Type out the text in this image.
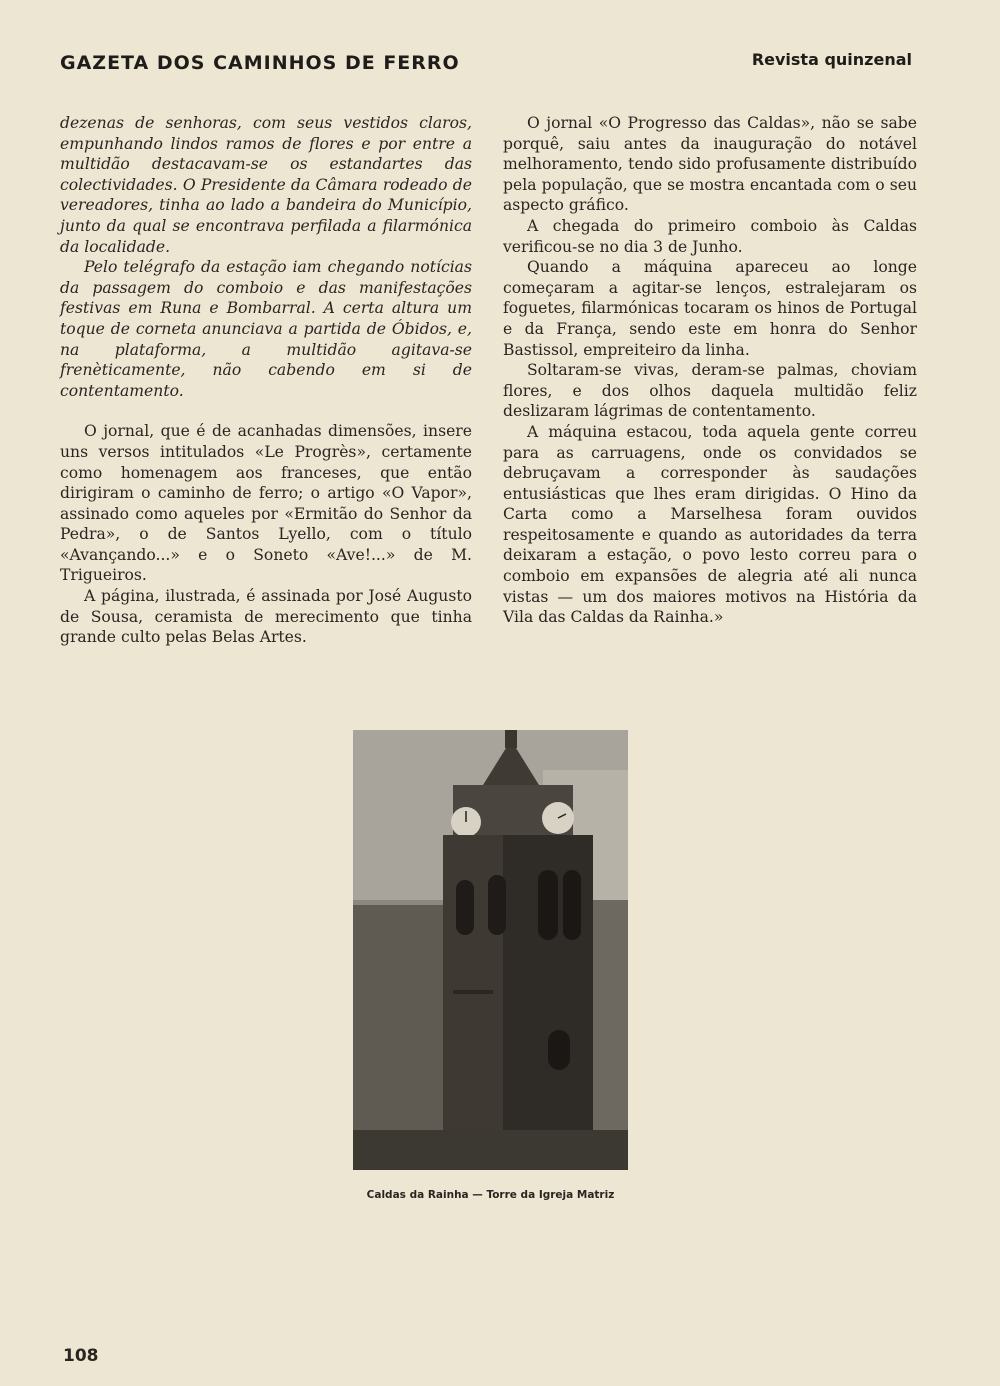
GAZETA DOS CAMINHOS DE FERRO	Revista quinzenal

dezenas de senhoras, com seus vestidos claros, empunhando lindos ramos de flores e por entre a multidão destacavam-se os estandartes das colectividades. O Presidente da Câmara rodeado de vereadores, tinha ao lado a bandeira do Município, junto da qual se encontrava perfilada a filarmónica da localidade.

Pelo telégrafo da estação iam chegando notícias da passagem do comboio e das manifestações festivas em Runa e Bombarral. A certa altura um toque de corneta anunciava a partida de Óbidos, e, na plataforma, a multidão agitava-se frenèticamente, não cabendo em si de contentamento.

O jornal, que é de acanhadas dimensões, insere uns versos intitulados «Le Progrès», certamente como homenagem aos franceses, que então dirigiram o caminho de ferro; o artigo «O Vapor», assinado como aqueles por «Ermitão do Senhor da Pedra», o de Santos Lyello, com o título «Avançando...» e o Soneto «Ave!...» de M. Trigueiros.

A página, ilustrada, é assinada por José Augusto de Sousa, ceramista de merecimento que tinha grande culto pelas Belas Artes.

O jornal «O Progresso das Caldas», não se sabe porquê, saiu antes da inauguração do notável melhoramento, tendo sido profusamente distribuído pela população, que se mostra encantada com o seu aspecto gráfico.

A chegada do primeiro comboio às Caldas verificou-se no dia 3 de Junho.

Quando a máquina apareceu ao longe começaram a agitar-se lenços, estralejaram os foguetes, filarmónicas tocaram os hinos de Portugal e da França, sendo este em honra do Senhor Bastissol, empreiteiro da linha.

Soltaram-se vivas, deram-se palmas, choviam flores, e dos olhos daquela multidão feliz deslizaram lágrimas de contentamento.

A máquina estacou, toda aquela gente correu para as carruagens, onde os convidados se debruçavam a corresponder às saudações entusiásticas que lhes eram dirigidas. O Hino da Carta como a Marselhesa foram ouvidos respeitosamente e quando as autoridades da terra deixaram a estação, o povo lesto correu para o comboio em expansões de alegria até ali nunca vistas — um dos maiores motivos na História da Vila das Caldas da Rainha.»

Caldas da Rainha — Torre da Igreja Matriz
108
